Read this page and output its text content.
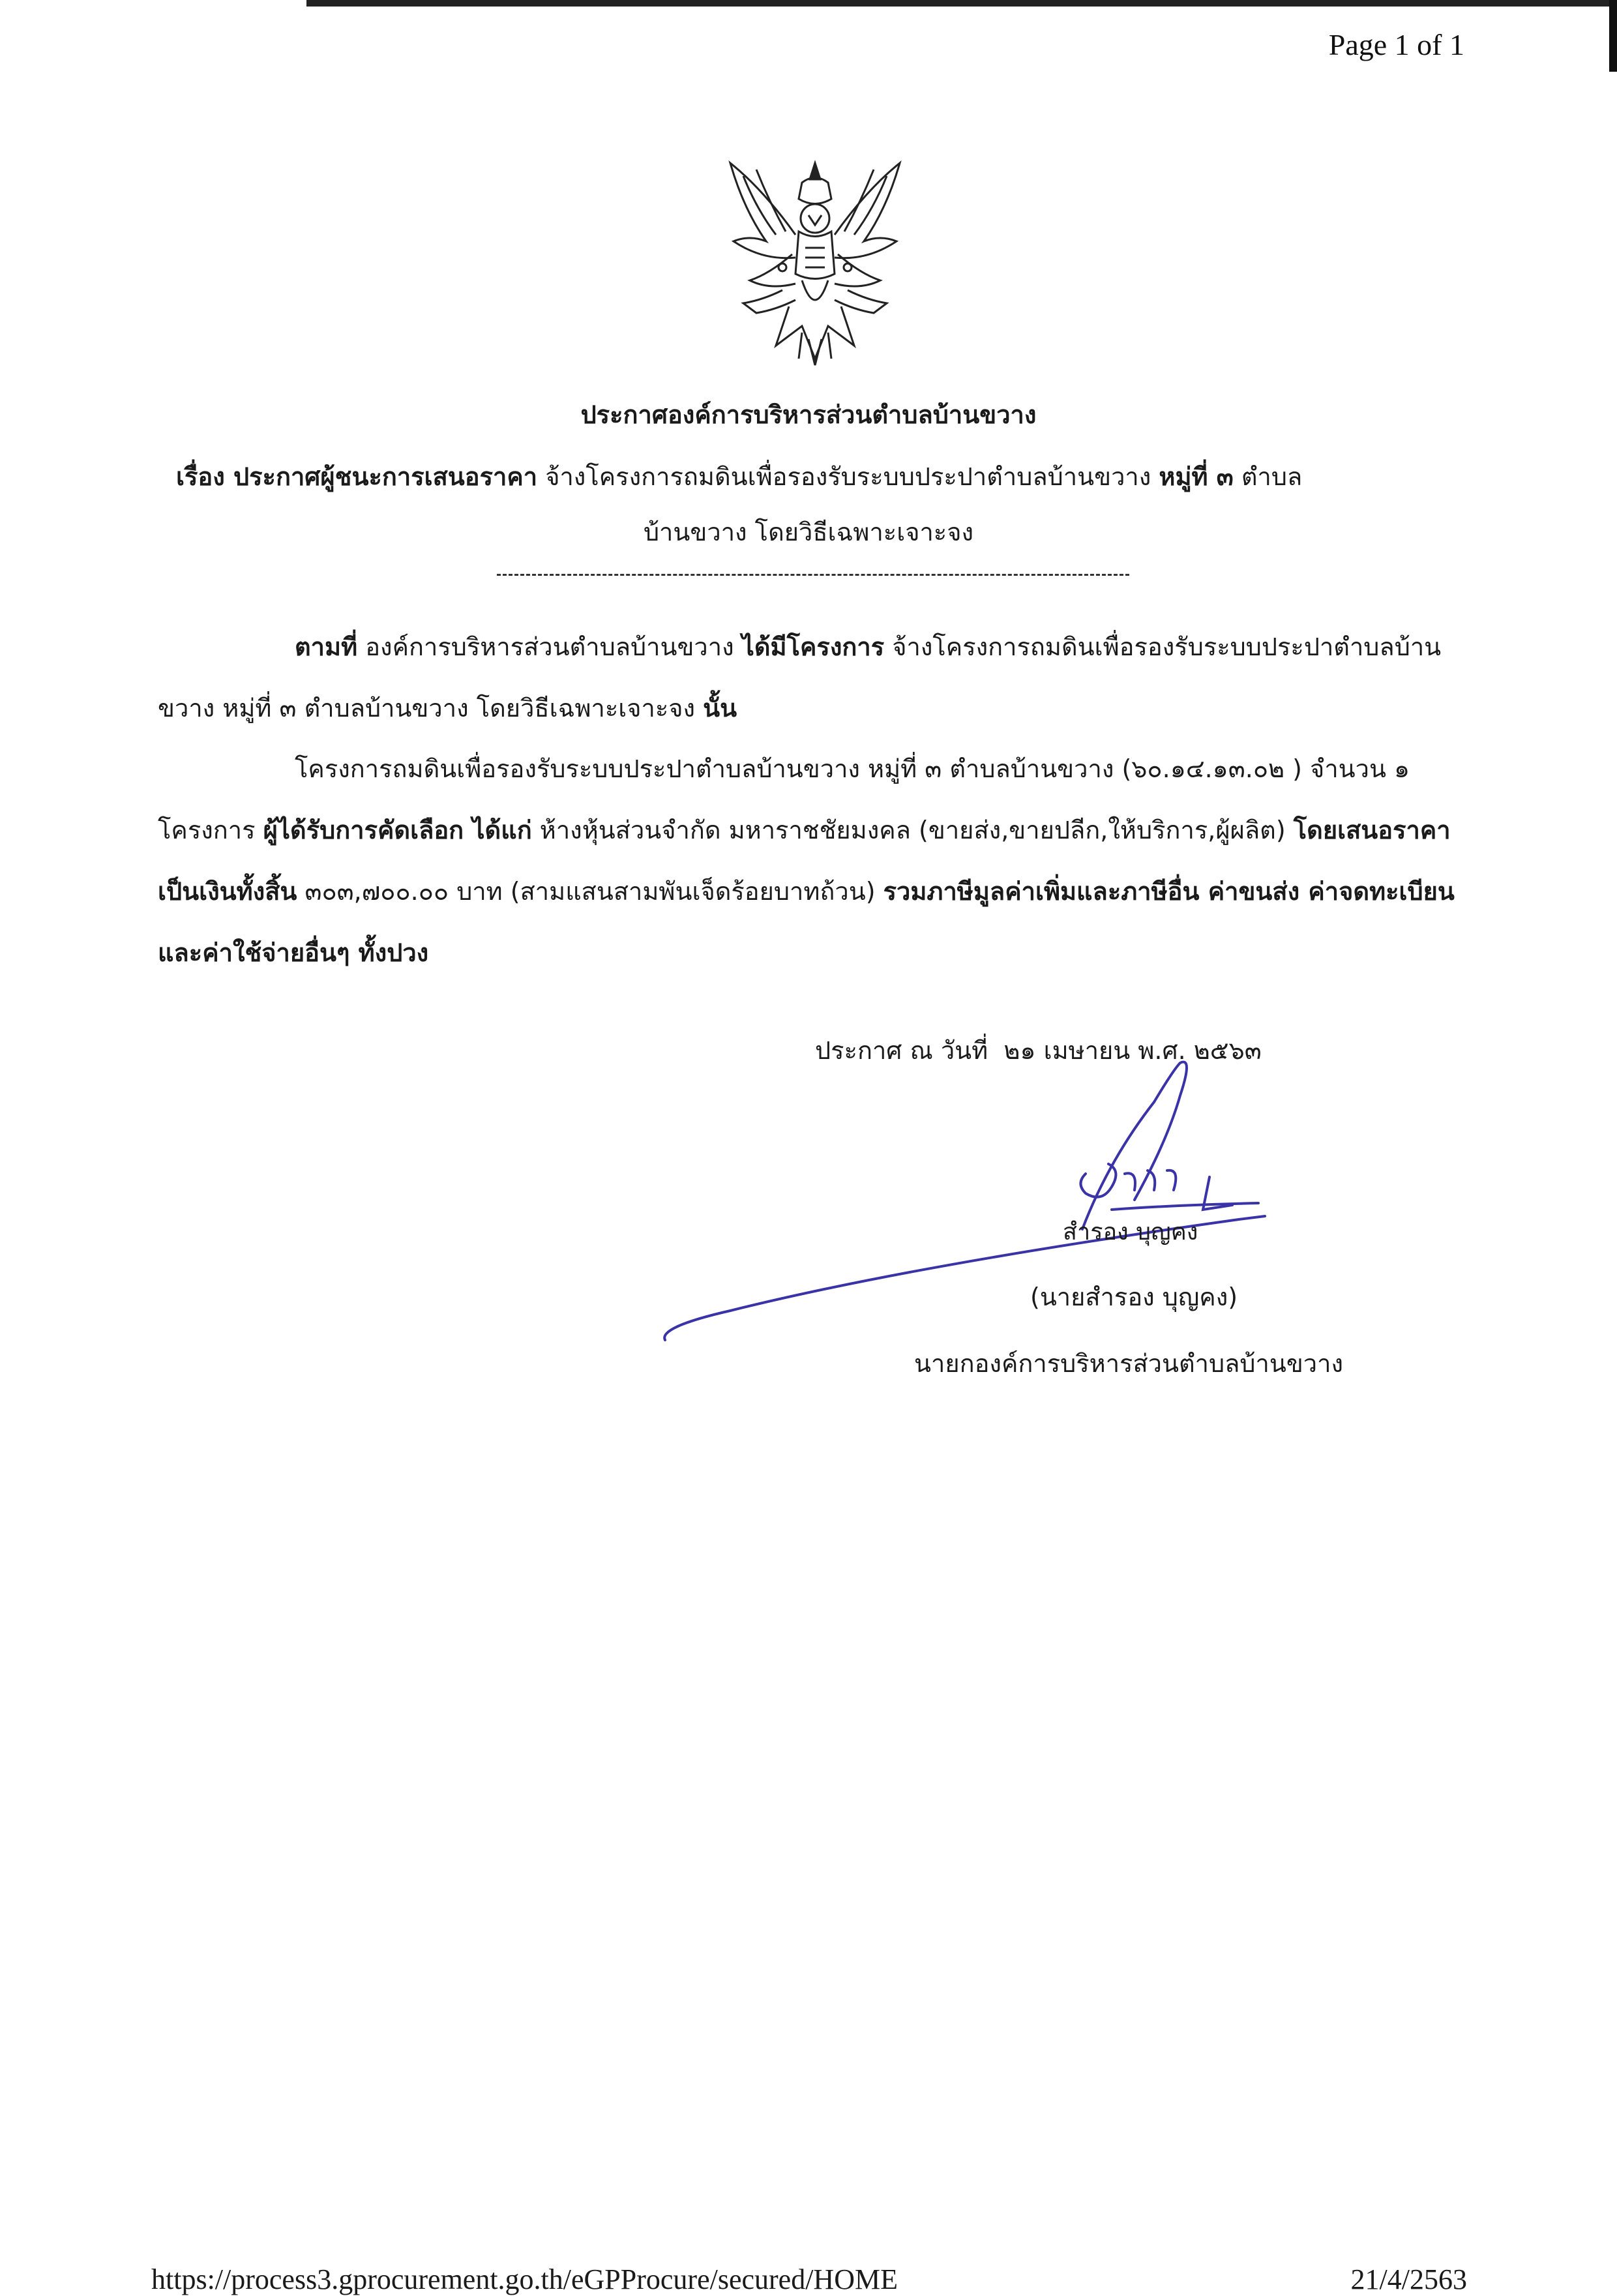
Page 1 of 1
ประกาศองค์การบริหารส่วนตำบลบ้านขวาง
เรื่อง ประกาศผู้ชนะการเสนอราคา จ้างโครงการถมดินเพื่อรองรับระบบประปาตำบลบ้านขวาง หมู่ที่ ๓ ตำบล
บ้านขวาง โดยวิธีเฉพาะเจาะจง
ตามที่ องค์การบริหารส่วนตำบลบ้านขวาง ได้มีโครงการ จ้างโครงการถมดินเพื่อรองรับระบบประปาตำบลบ้านขวาง หมู่ที่ ๓ ตำบลบ้านขวาง โดยวิธีเฉพาะเจาะจง นั้น
โครงการถมดินเพื่อรองรับระบบประปาตำบลบ้านขวาง หมู่ที่ ๓ ตำบลบ้านขวาง (๖๐.๑๔.๑๓.๐๒ ) จำนวน ๑ โครงการ ผู้ได้รับการคัดเลือก ได้แก่ ห้างหุ้นส่วนจำกัด มหาราชชัยมงคล (ขายส่ง,ขายปลีก,ให้บริการ,ผู้ผลิต) โดยเสนอราคา เป็นเงินทั้งสิ้น ๓๐๓,๗๐๐.๐๐ บาท (สามแสนสามพันเจ็ดร้อยบาทถ้วน) รวมภาษีมูลค่าเพิ่มและภาษีอื่น ค่าขนส่ง ค่าจดทะเบียน และค่าใช้จ่ายอื่นๆ ทั้งปวง
ประกาศ ณ วันที่ ๒๑ เมษายน พ.ศ. ๒๕๖๓
สำรอง บุญคง
(นายสำรอง บุญคง)
นายกองค์การบริหารส่วนตำบลบ้านขวาง
https://process3.gprocurement.go.th/eGPProcure/secured/HOME	21/4/2563
